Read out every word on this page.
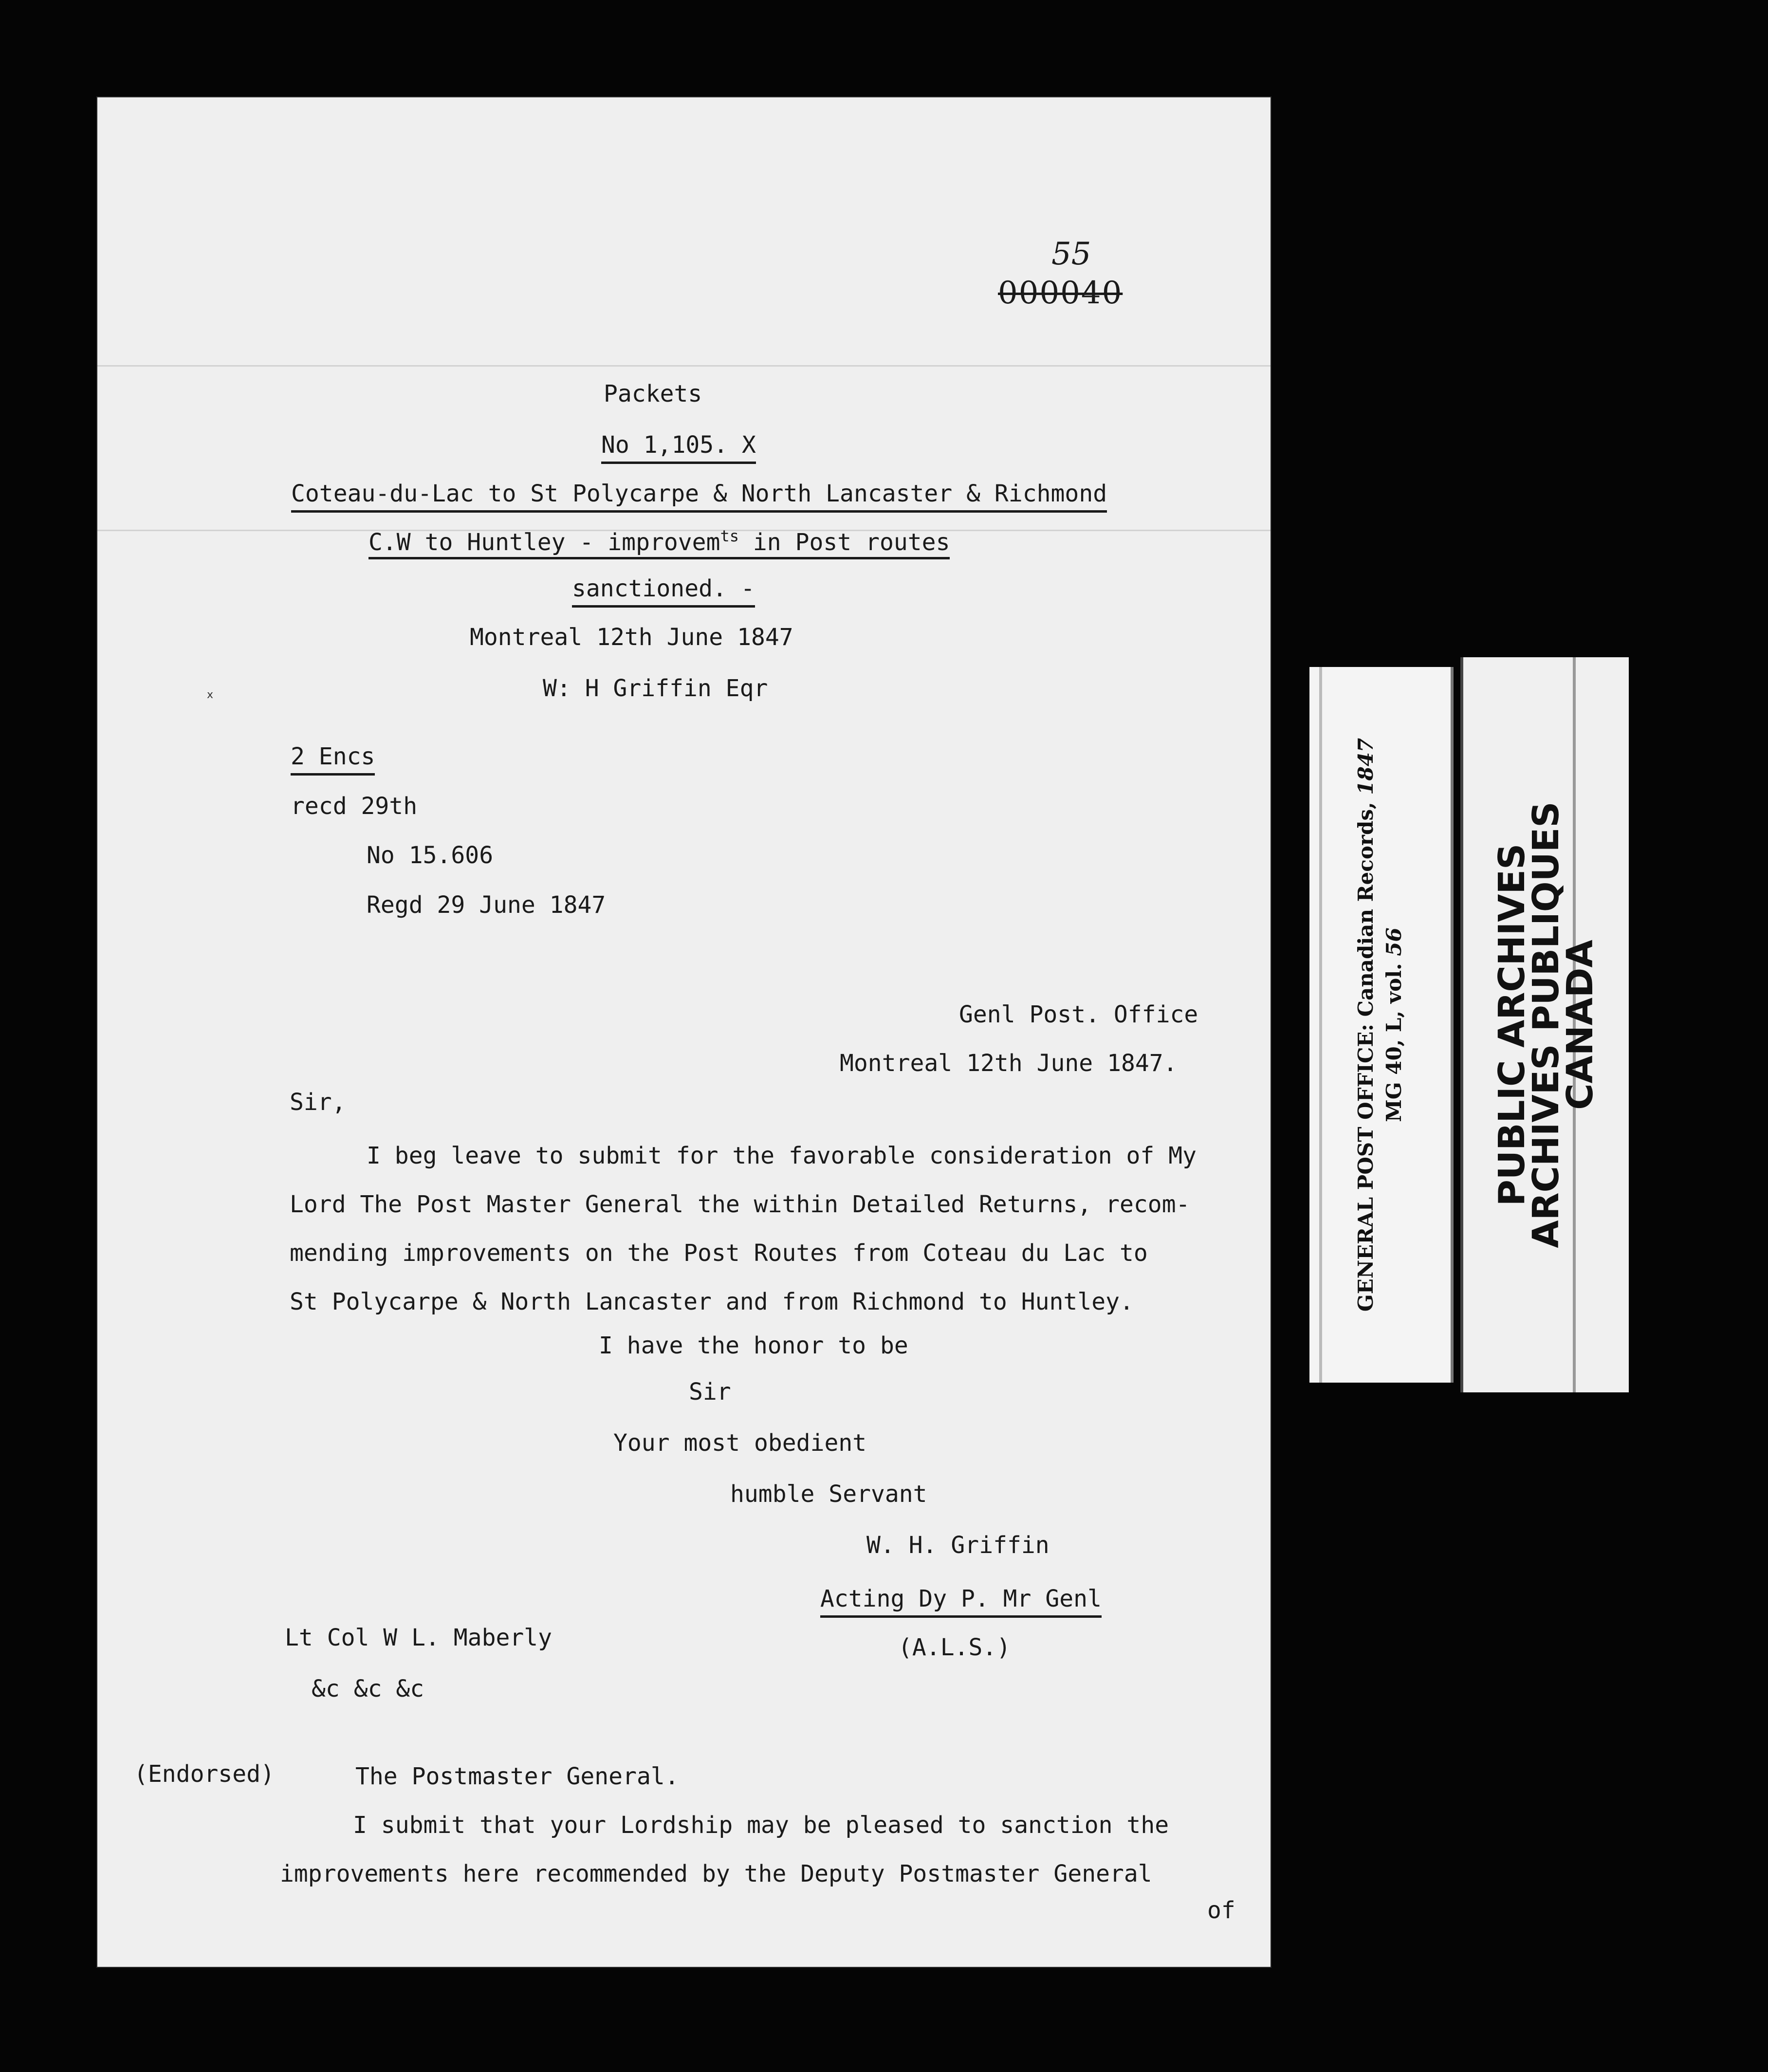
000040
55
Packets
No 1,105. X
Coteau-du-Lac to St Polycarpe & North Lancaster & Richmond
C.W to Huntley - improvem$^{ts}$ in Post routes
sanctioned. -
Montreal 12th June 1847
W: H Griffin Eqr
x
2 Encs
recd 29th
No 15.606
Regd 29 June 1847
Genl Post. Office
Montreal 12th June 1847.
Sir,
I beg leave to submit for the favorable consideration of My
Lord The Post Master General the within Detailed Returns, recom-
mending improvements on the Post Routes from Coteau du Lac to
St Polycarpe & North Lancaster and from Richmond to Huntley.
I have the honor to be
Sir
Your most obedient
humble Servant
W. H. Griffin
Acting Dy P. Mr Genl
(A.L.S.)
Lt Col W L. Maberly
&c &c &c
(Endorsed)	The Postmaster General.
I submit that your Lordship may be pleased to sanction the
improvements here recommended by the Deputy Postmaster General
of
GENERAL POST OFFICE: Canadian Records, 1847
MG 40, L, vol. 56 PUBLIC ARCHIVES
ARCHIVES PUBLIQUES
CANADA
